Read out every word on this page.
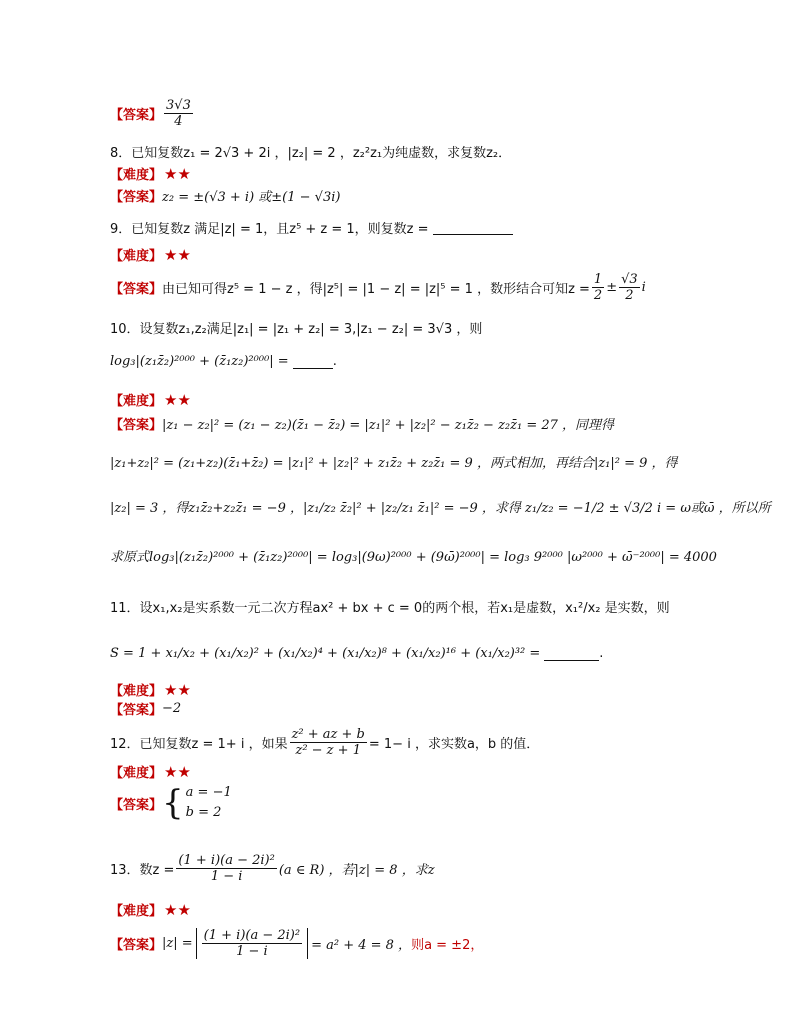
【答案】 $\frac{3√3}{4}$
8．已知复数z₁ = 2√3 + 2i ，|z₂| = 2 ，z₂²z₁为纯虚数，求复数z₂．
【难度】 ★★
【答案】 z₂ = ±(√3 + i) 或±(1 − √3i)
9．已知复数z 满足|z| = 1，且z⁵ + z = 1，则复数z =
【难度】 ★★
【答案】 由已知可得z⁵ = 1 − z ，得|z⁵| = |1 − z| = |z|⁵ = 1 ，数形结合可知$z = \frac{1}{2} \pm \frac{√3}{2}$ i
10．设复数z₁,z₂满足|z₁| = |z₁ + z₂| = 3,|z₁ − z₂| = 3√3 ，则
log₃|(z₁z̄₂)²⁰⁰⁰ + (z̄₁z₂)²⁰⁰⁰| =	.
【难度】 ★★
【答案】 |z₁ − z₂|² = (z₁ − z₂)(z̄₁ − z̄₂) = |z₁|² + |z₂|² − z₁z̄₂ − z₂z̄₁ = 27 ，同理得
|z₁+z₂|² = (z₁+z₂)(z̄₁+z̄₂) = |z₁|² + |z₂|² + z₁z̄₂ + z₂z̄₁ = 9 ，两式相加，再结合|z₁|² = 9 ，得
|z₂| = 3 ，得z₁z̄₂+z₂z̄₁ = −9 ，|z₁/z₂ z̄₂|² + |z₂/z₁ z̄₁|² = −9 ，求得 z₁/z₂ = −1/2 ± √3/2 i = ω或ω̄ ，所以所
求原式log₃|(z₁z̄₂)²⁰⁰⁰ + (z̄₁z₂)²⁰⁰⁰| = log₃|(9ω)²⁰⁰⁰ + (9ω̄)²⁰⁰⁰| = log₃ 9²⁰⁰⁰ |ω²⁰⁰⁰ + ω̄⁻²⁰⁰⁰| = 4000
11．设x₁,x₂是实系数一元二次方程ax² + bx + c = 0的两个根，若x₁是虚数，x₁²/x₂ 是实数，则
S = 1 + x₁/x₂ + (x₁/x₂)² + (x₁/x₂)⁴ + (x₁/x₂)⁸ + (x₁/x₂)¹⁶ + (x₁/x₂)³² =	.
【难度】 ★★
【答案】 −2
12．已知复数z = 1+ i ，如果 $\frac{\text{z² + az + b}}{\text{z² − z + 1}} = 1- i$ ，求实数a，b 的值．
【难度】 ★★
【答案】 { a = −1
b = 2
13．数$z = \frac{\text{(1 + i)(a − 2i)²}}{1 - i} (a$ ∈ R) ，若|z| = 8 ，求z
【难度】 ★★
【答案】 $|z| = \frac{\text{(1 + i)(a − 2i)²}}{1 - i} = a^2 + 4 = 8$ ， 则a = ±2，
